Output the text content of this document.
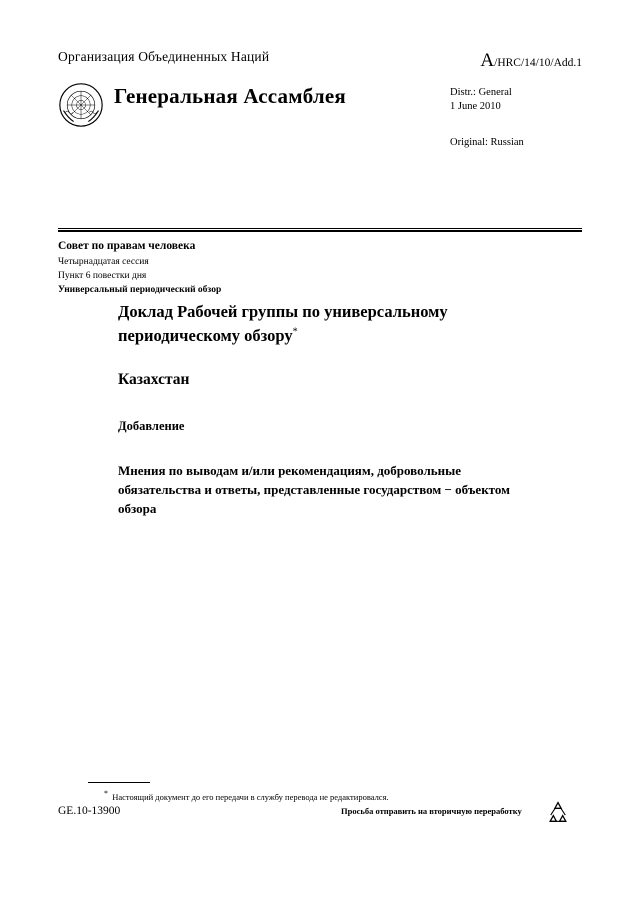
Организация Объединенных Наций	A/HRC/14/10/Add.1
Генеральная Ассамблея	Distr.: General
1 June 2010
Original: Russian
Совет по правам человека
Четырнадцатая сессия
Пункт 6 повестки дня
Универсальный периодический обзор
Доклад Рабочей группы по универсальному периодическому обзору*
Казахстан
Добавление
Мнения по выводам и/или рекомендациям, добровольные обязательства и ответы, представленные государством − объектом обзора
* Настоящий документ до его передачи в службу перевода не редактировался.
GE.10-13900	Просьба отправить на вторичную переработку
